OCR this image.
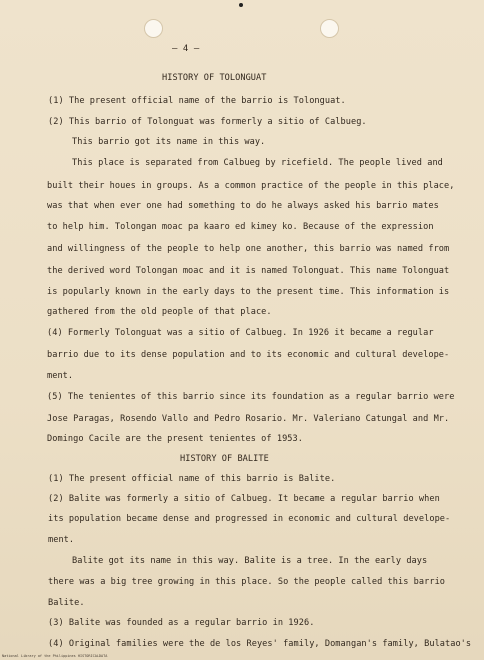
— 4 —
HISTORY OF TOLONGUAT
(1) The present official name of the barrio is Tolonguat.
(2) This barrio of Tolonguat was formerly a sitio of Calbueg.
This barrio got its name in this way.
This place is separated from Calbueg by ricefield. The people lived and
built their houes in groups. As a common practice of the people in this place,
was that when ever one had something to do he always asked his barrio mates
to help him. Tolongan moac pa kaaro ed kimey ko. Because of the expression
and willingness of the people to help one another, this barrio was named from
the derived word Tolongan moac and it is named Tolonguat. This name Tolonguat
is popularly known in the early days to the present time. This information is
gathered from the old people of that place.
(4) Formerly Tolonguat was a sitio of Calbueg. In 1926 it became a regular
barrio due to its dense population and to its economic and cultural develope-
ment.
(5) The tenientes of this barrio since its foundation as a regular barrio were
Jose Paragas, Rosendo Vallo and Pedro Rosario. Mr. Valeriano Catungal and Mr.
Domingo Cacile are the present tenientes of 1953.
HISTORY OF BALITE
(1) The present official name of this barrio is Balite.
(2) Balite was formerly a sitio of Calbueg. It became a regular barrio when
its population became dense and progressed in economic and cultural develope-
ment.
Balite got its name in this way. Balite is a tree. In the early days
there was a big tree growing in this place. So the people called this barrio
Balite.
(3) Balite was founded as a regular barrio in 1926.
(4) Original families were the de los Reyes' family, Domangan's family, Bulatao's
National Library of the Philippines HISTORICALDATA
